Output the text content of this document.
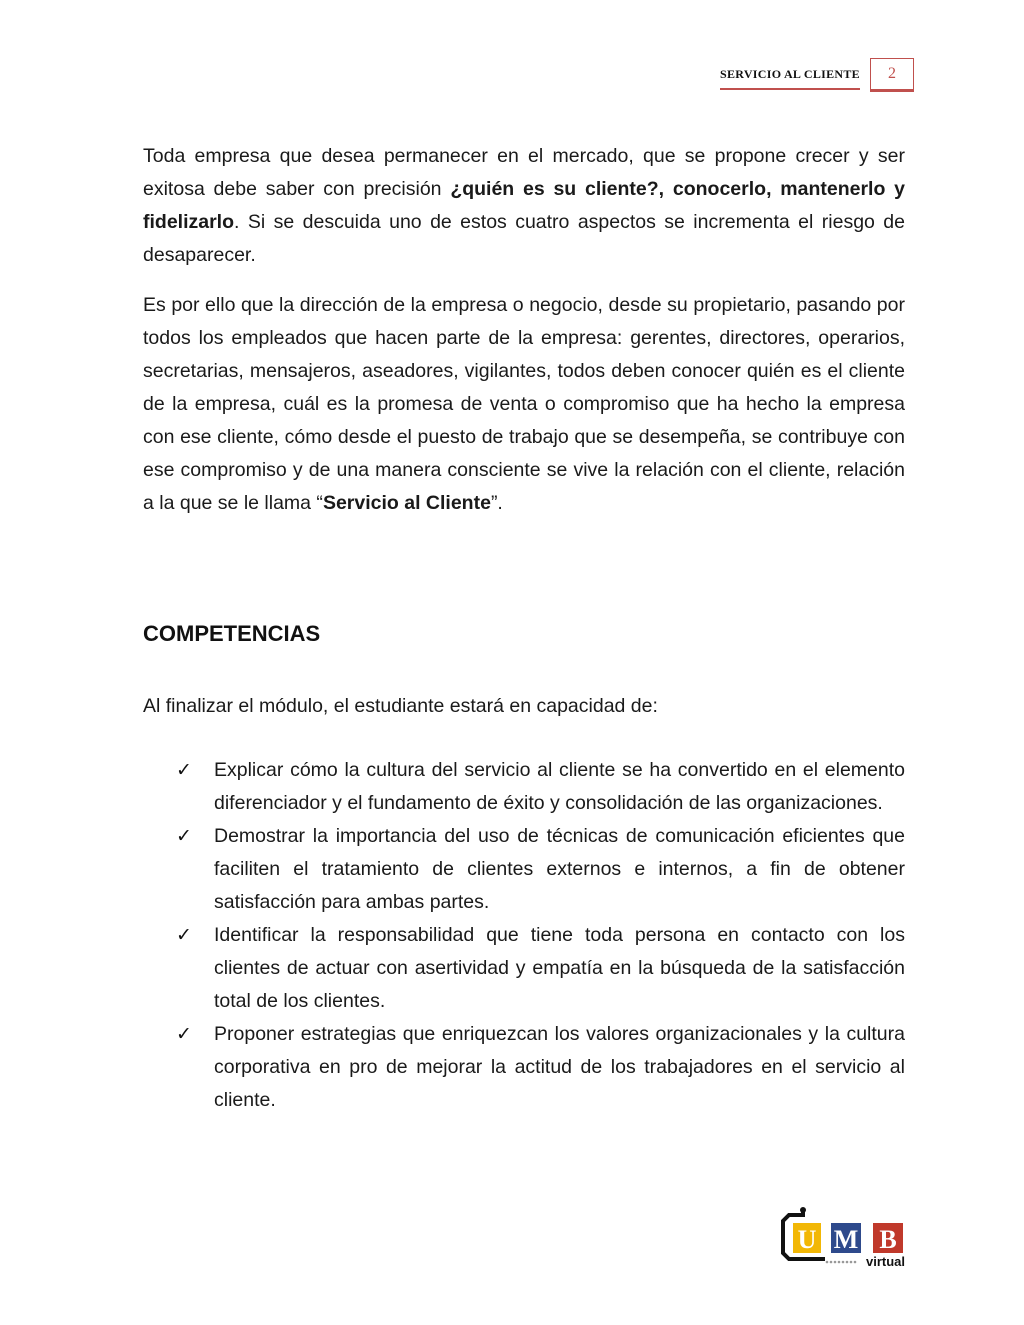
SERVICIO AL CLIENTE	2

Toda empresa que desea permanecer en el mercado, que se propone crecer y ser exitosa debe saber con precisión ¿quién es su cliente?, conocerlo, mantenerlo y fidelizarlo. Si se descuida uno de estos cuatro aspectos se incrementa el riesgo de desaparecer.

Es por ello que la dirección de la empresa o negocio, desde su propietario, pasando por todos los empleados que hacen parte de la empresa: gerentes, directores, operarios, secretarias, mensajeros, aseadores, vigilantes, todos deben conocer quién es el cliente de la empresa, cuál es la promesa de venta o compromiso que ha hecho la empresa con ese cliente, cómo desde el puesto de trabajo que se desempeña, se contribuye con ese compromiso y de una manera consciente se vive la relación con el cliente, relación a la que se le llama “Servicio al Cliente”.

COMPETENCIAS

Al finalizar el módulo, el estudiante estará en capacidad de:

✓ Explicar cómo la cultura del servicio al cliente se ha convertido en el elemento diferenciador y el fundamento de éxito y consolidación de las organizaciones.
✓ Demostrar la importancia del uso de técnicas de comunicación eficientes que faciliten el tratamiento de clientes externos e internos, a fin de obtener satisfacción para ambas partes.
✓ Identificar la responsabilidad que tiene toda persona en contacto con los clientes de actuar con asertividad y empatía en la búsqueda de la satisfacción total de los clientes.
✓ Proponer estrategias que enriquezcan los valores organizacionales y la cultura corporativa en pro de mejorar la actitud de los trabajadores en el servicio al cliente.
U M B
virtual
